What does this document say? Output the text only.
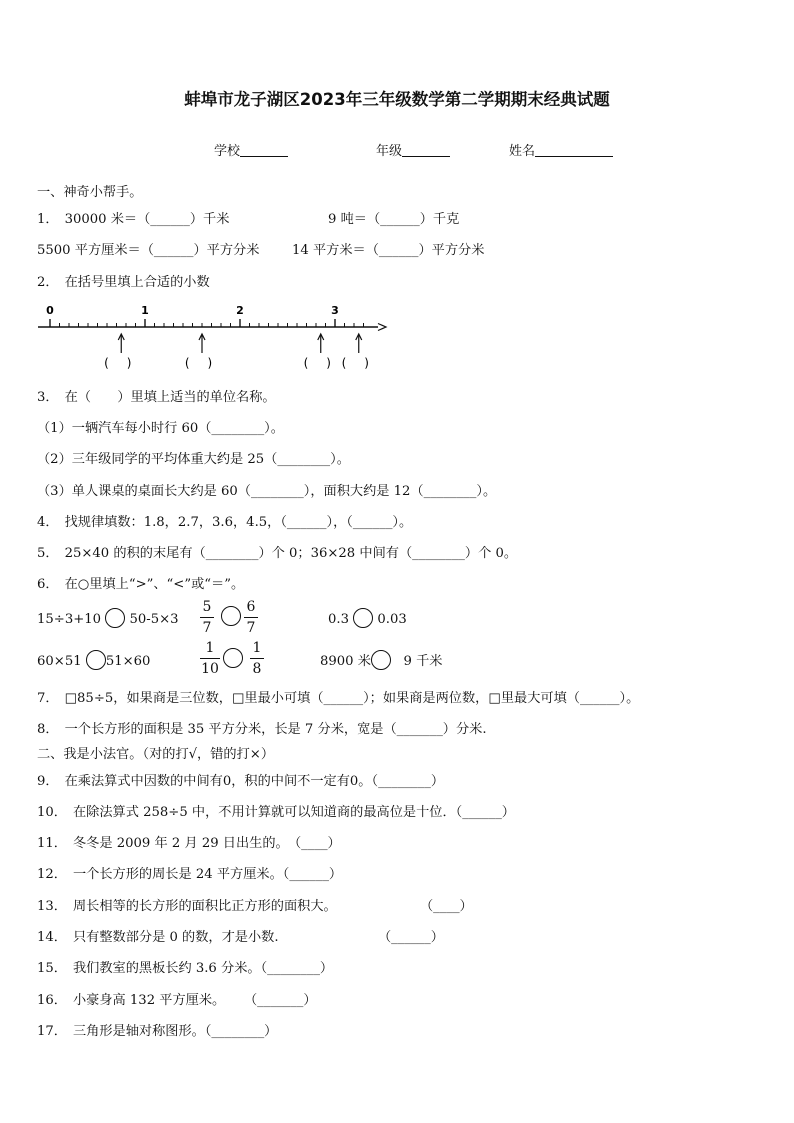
蚌埠市龙子湖区2023年三年级数学第二学期期末经典试题
学校	年级	姓名
一、神奇小帮手。
1． 30000 米＝（______）千米	9 吨＝（______）千克
5500 平方厘米＝（______）平方分米 14 平方米＝（______）平方分米
2． 在括号里填上合适的小数
0	1	2	3
(　)	(　)	(　) (　)
3． 在（　　）里填上适当的单位名称。
（1）一辆汽车每小时行 60（________）。
（2）三年级同学的平均体重大约是 25（________）。
（3）单人课桌的桌面长大约是 60（________），面积大约是 12（________）。
4． 找规律填数：1.8，2.7，3.6，4.5，（______），（______）。
5． 25×40 的积的末尾有（________）个 0；36×28 中间有（________）个 0。
6． 在○里填上“>”、“<”或“＝”。
15÷3+10 50-5×3
5
7
6
7
0.3 0.03
60×51 51×60
1
10
1
8	8900 米 9 千米
7． □85÷5，如果商是三位数，□里最小可填（______）；如果商是两位数，□里最大可填（______）。
8． 一个长方形的面积是 35 平方分米，长是 7 分米，宽是（_______）分米.
二、我是小法官。（对的打√，错的打×）
9． 在乘法算式中因数的中间有0，积的中间不一定有0。（________）
10． 在除法算式 258÷5 中，不用计算就可以知道商的最高位是十位．（______）
11． 冬冬是 2009 年 2 月 29 日出生的。 （____）
12． 一个长方形的周长是 24 平方厘米。（______）
13． 周长相等的长方形的面积比正方形的面积大。	（____）
14． 只有整数部分是 0 的数，才是小数.	（______）
15． 我们教室的黑板长约 3.6 分米。（________）
16． 小豪身高 132 平方厘米。 （_______）
17． 三角形是轴对称图形。（________）
